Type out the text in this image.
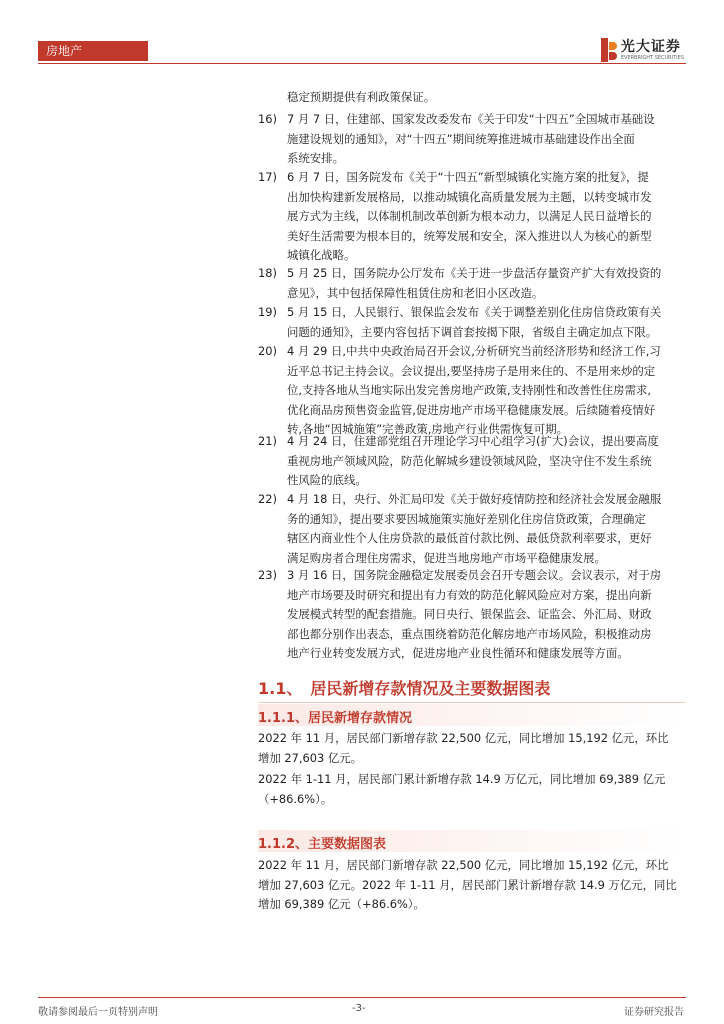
房地产	光大证券
EVERBRIGHT SECURITIES
稳定预期提供有利政策保证。
16) 7 月 7 日，住建部、国家发改委发布《关于印发“十四五”全国城市基础设
施建设规划的通知》，对“十四五”期间统筹推进城市基础建设作出全面
系统安排。
17) 6 月 7 日，国务院发布《关于“十四五”新型城镇化实施方案的批复》，提
出加快构建新发展格局，以推动城镇化高质量发展为主题，以转变城市发
展方式为主线，以体制机制改革创新为根本动力，以满足人民日益增长的
美好生活需要为根本目的，统筹发展和安全，深入推进以人为核心的新型
城镇化战略。
18) 5 月 25 日，国务院办公厅发布《关于进一步盘活存量资产扩大有效投资的
意见》，其中包括保障性租赁住房和老旧小区改造。
19) 5 月 15 日，人民银行、银保监会发布《关于调整差别化住房信贷政策有关
问题的通知》，主要内容包括下调首套按揭下限，省级自主确定加点下限。
20) 4 月 29 日,中共中央政治局召开会议,分析研究当前经济形势和经济工作,习
近平总书记主持会议。会议提出,要坚持房子是用来住的、不是用来炒的定
位,支持各地从当地实际出发完善房地产政策,支持刚性和改善性住房需求,
优化商品房预售资金监管,促进房地产市场平稳健康发展。后续随着疫情好
转,各地“因城施策”完善政策,房地产行业供需恢复可期。
21) 4 月 24 日，住建部党组召开理论学习中心组学习(扩大)会议，提出要高度
重视房地产领域风险，防范化解城乡建设领域风险，坚决守住不发生系统
性风险的底线。
22) 4 月 18 日，央行、外汇局印发《关于做好疫情防控和经济社会发展金融服
务的通知》，提出要求要因城施策实施好差别化住房信贷政策，合理确定
辖区内商业性个人住房贷款的最低首付款比例、最低贷款利率要求，更好
满足购房者合理住房需求，促进当地房地产市场平稳健康发展。
23) 3 月 16 日，国务院金融稳定发展委员会召开专题会议。会议表示，对于房
地产市场要及时研究和提出有力有效的防范化解风险应对方案，提出向新
发展模式转型的配套措施。同日央行、银保监会、证监会、外汇局、财政
部也都分别作出表态，重点围绕着防范化解房地产市场风险，积极推动房
地产行业转变发展方式，促进房地产业良性循环和健康发展等方面。
1.1、　居民新增存款情况及主要数据图表
1.1.1、居民新增存款情况
2022 年 11 月，居民部门新增存款 22,500 亿元，同比增加 15,192 亿元，环比
增加 27,603 亿元。
2022 年 1-11 月，居民部门累计新增存款 14.9 万亿元，同比增加 69,389 亿元
（+86.6%）。
1.1.2、主要数据图表
2022 年 11 月，居民部门新增存款 22,500 亿元，同比增加 15,192 亿元，环比
增加 27,603 亿元。2022 年 1-11 月，居民部门累计新增存款 14.9 万亿元，同比
增加 69,389 亿元（+86.6%）。
敬请参阅最后一页特别声明	-3-	证券研究报告
